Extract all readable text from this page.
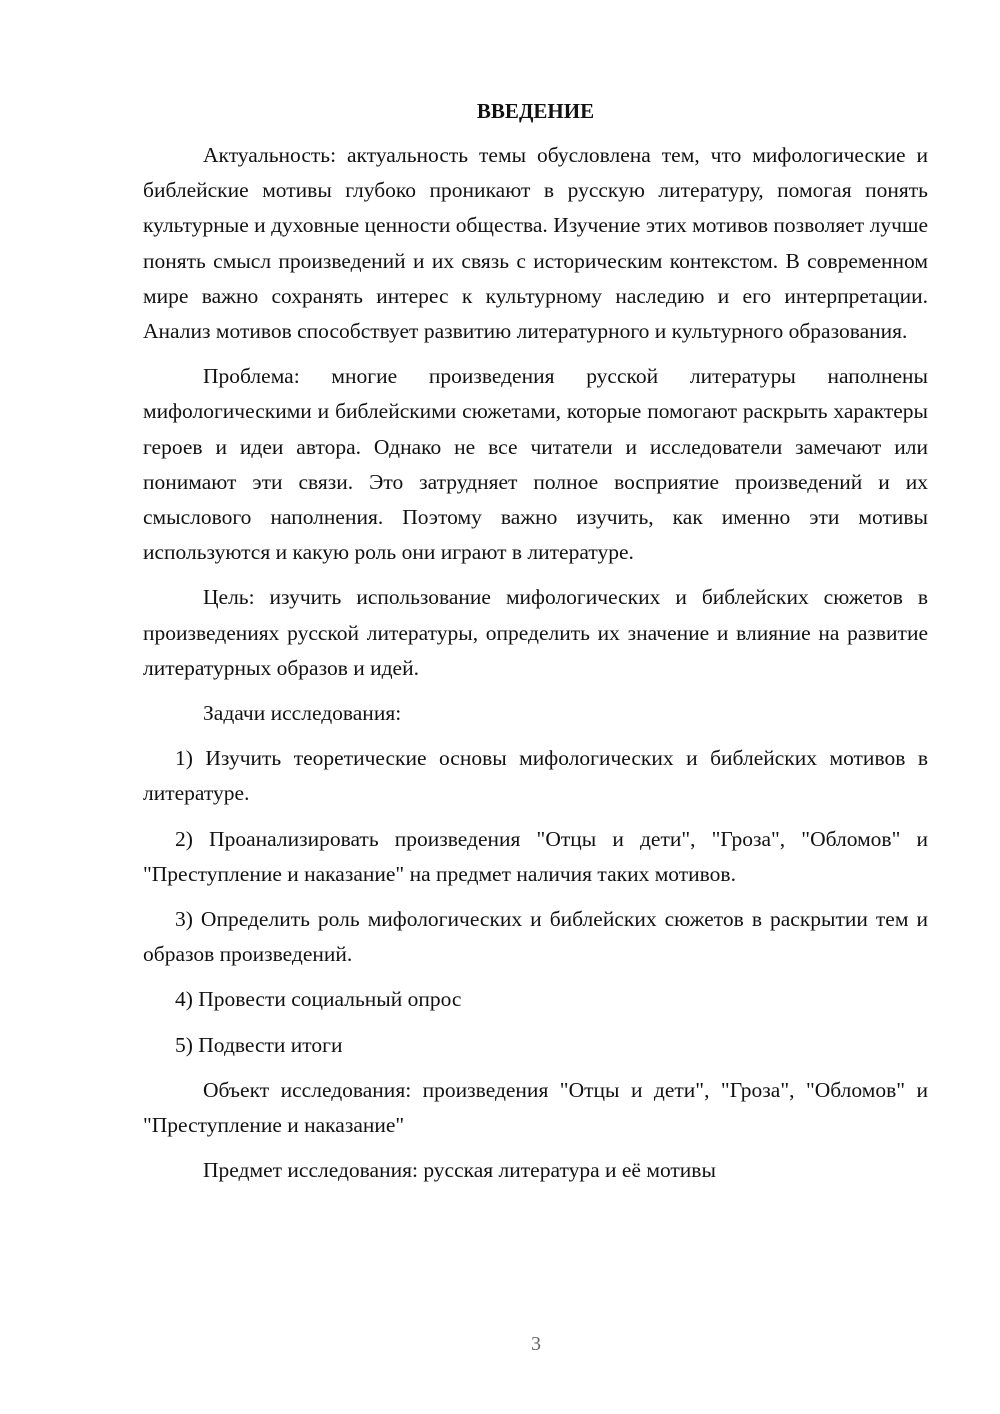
ВВЕДЕНИЕ

Актуальность: актуальность темы обусловлена тем, что мифологические и библейские мотивы глубоко проникают в русскую литературу, помогая понять культурные и духовные ценности общества. Изучение этих мотивов позволяет лучше понять смысл произведений и их связь с историческим контекстом. В современном мире важно сохранять интерес к культурному наследию и его интерпретации. Анализ мотивов способствует развитию литературного и культурного образования.

Проблема: многие произведения русской литературы наполнены мифологическими и библейскими сюжетами, которые помогают раскрыть характеры героев и идеи автора. Однако не все читатели и исследователи замечают или понимают эти связи. Это затрудняет полное восприятие произведений и их смыслового наполнения. Поэтому важно изучить, как именно эти мотивы используются и какую роль они играют в литературе.

Цель: изучить использование мифологических и библейских сюжетов в произведениях русской литературы, определить их значение и влияние на развитие литературных образов и идей.

Задачи исследования:

1) Изучить теоретические основы мифологических и библейских мотивов в литературе.

2) Проанализировать произведения "Отцы и дети", "Гроза", "Обломов" и "Преступление и наказание" на предмет наличия таких мотивов.

3) Определить роль мифологических и библейских сюжетов в раскрытии тем и образов произведений.

4) Провести социальный опрос

5) Подвести итоги

Объект исследования: произведения "Отцы и дети", "Гроза", "Обломов" и "Преступление и наказание"

Предмет исследования: русская литература и её мотивы

3
